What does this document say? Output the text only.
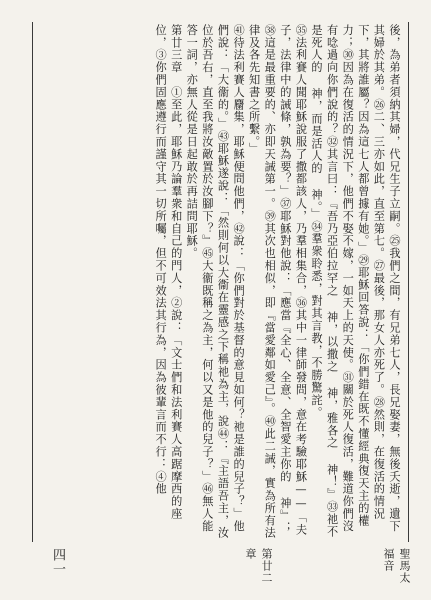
後，為弟者須納其婦，代兄生子立嗣。㉕我們之間，有兄弟七人，長兄娶妻，無後夭逝，遺下其婦於其弟。㉖二、三亦如此，直至第七。㉗最後，那女人亦死了。㉘然則，在復活的情況下，其將誰屬？因為這七人都曾據有她。」㉙耶穌回答說：「你們錯在既不懂經典復天主的權力；㉚因為在復活的情況下，他們不娶不嫁，一如天上的天使。㉛關於死人復活，難道你們沒有唸過向你們說的？㉜其言曰：『吾乃亞伯拉罕之 神，以撒之 神，雅各之 神！』㉝祂不是死人的 神，而是活人的 神。」㉞羣衆聆悉，對其言教，不勝驚詫。
㉟法利賽人聞耶穌說服了撒都該人，乃羣相集合，㊱其中一律師發問，意在考驗耶穌——「夫子，法律中的誡條，孰為要？」㊲耶穌對他說：「應當『全心、全意、全智愛主你的 神』；㊳這是最重要的、亦即天誡第一。㊴其次也相似，即『當愛鄰如愛己』。㊵此二誡，實為所有法律及各先知書之所繫。」
㊶待法利賽人麕集，耶穌便問他們，㊷說：「你們對於基督的意見如何？祂是誰的兒子？」他們說：「大衞的。」㊸耶穌遂說：「然則何以大衞在靈感之下稱祂為主，說㊹：『主語吾主，汝位於吾右，直至我將汝敵置於汝腳下？』㊺大衞既稱之為主，何以又是他的兒子？」㊻無人能答一詞，亦無人從是日起敢於再詰問耶穌。
第廿三章　①至此，耶穌乃論羣衆和自己的門人，②說：「文士們和法利賽人高踞摩西的座位，③你們固應遵行而謹守其一切所囑，但不可效法其行為，因為彼輩言而不行：④他
聖馬太福音
第廿二章
四一
